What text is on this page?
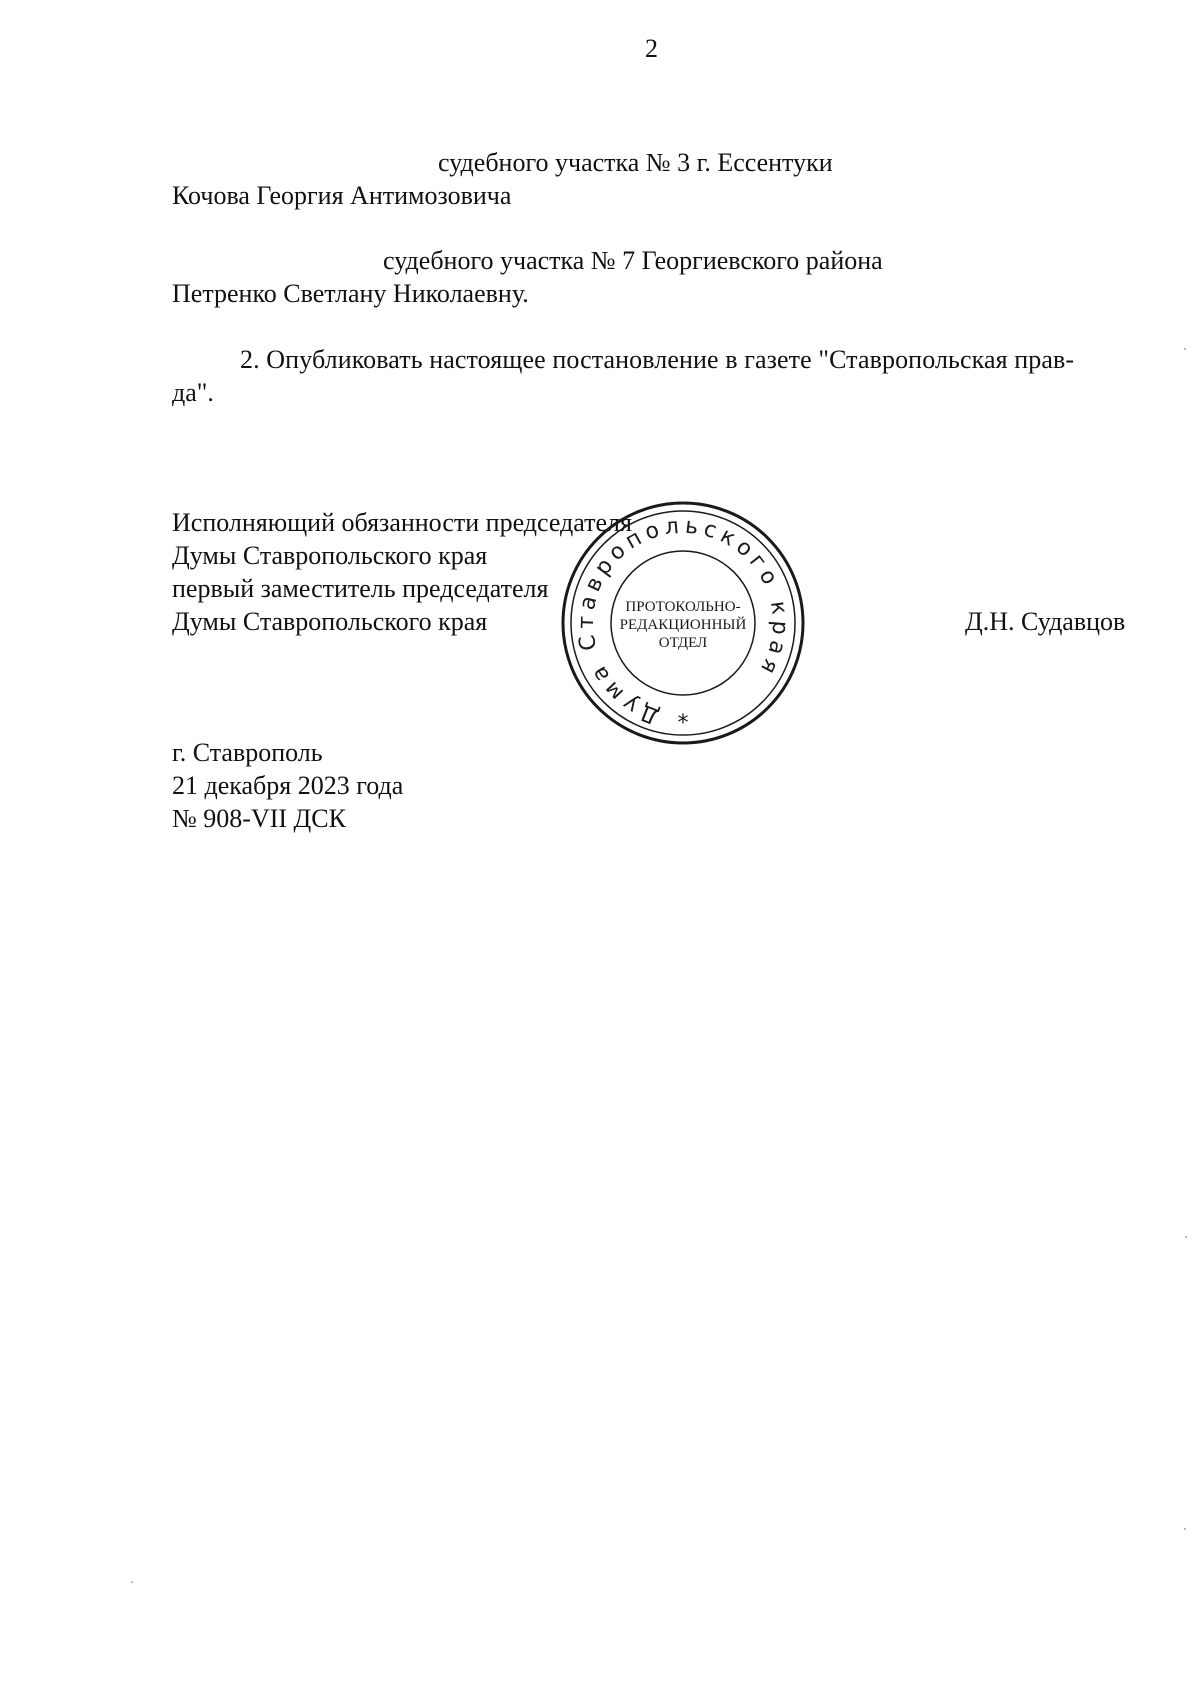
2

судебного участка № 3 г. Ессентуки

Кочова Георгия Антимозовича

судебного участка № 7 Георгиевского района

Петренко Светлану Николаевну.

2. Опубликовать настоящее постановление в газете "Ставропольская прав-

да".

Исполняющий обязанности председателя

Думы Ставропольского края

первый заместитель председателя

Думы Ставропольского края	Д.Н. Судавцов

Дума Ставропольского края
ПРОТОКОЛЬНО-
РЕДАКЦИОННЫЙ
ОТДЕЛ
*

г. Ставрополь

21 декабря 2023 года

№ 908-VII ДСК
